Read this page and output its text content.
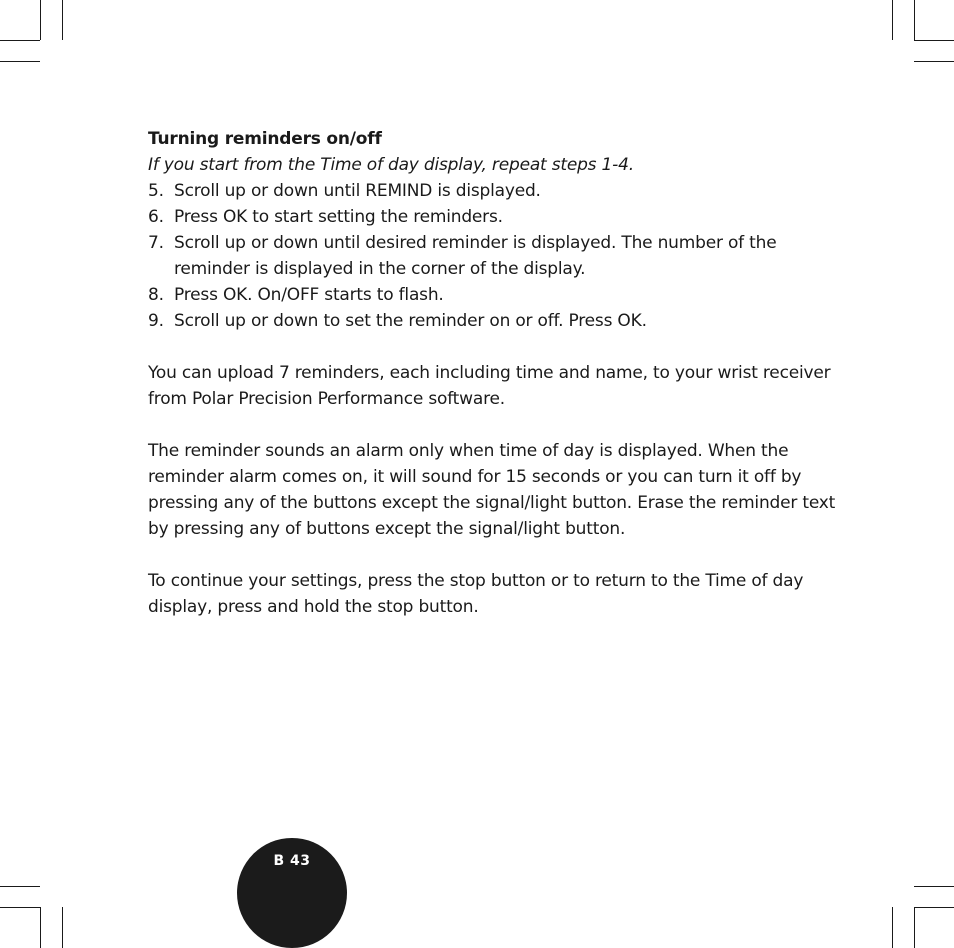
Turning reminders on/off

If you start from the Time of day display, repeat steps 1-4.

5. Scroll up or down until REMIND is displayed.
6. Press OK to start setting the reminders.
7. Scroll up or down until desired reminder is displayed. The number of the reminder is displayed in the corner of the display.
8. Press OK. On/OFF starts to flash.
9. Scroll up or down to set the reminder on or off. Press OK.

You can upload 7 reminders, each including time and name, to your wrist receiver from Polar Precision Performance software.

The reminder sounds an alarm only when time of day is displayed. When the reminder alarm comes on, it will sound for 15 seconds or you can turn it off by pressing any of the buttons except the signal/light button. Erase the reminder text by pressing any of buttons except the signal/light button.

To continue your settings, press the stop button or to return to the Time of day display, press and hold the stop button.

B 43
